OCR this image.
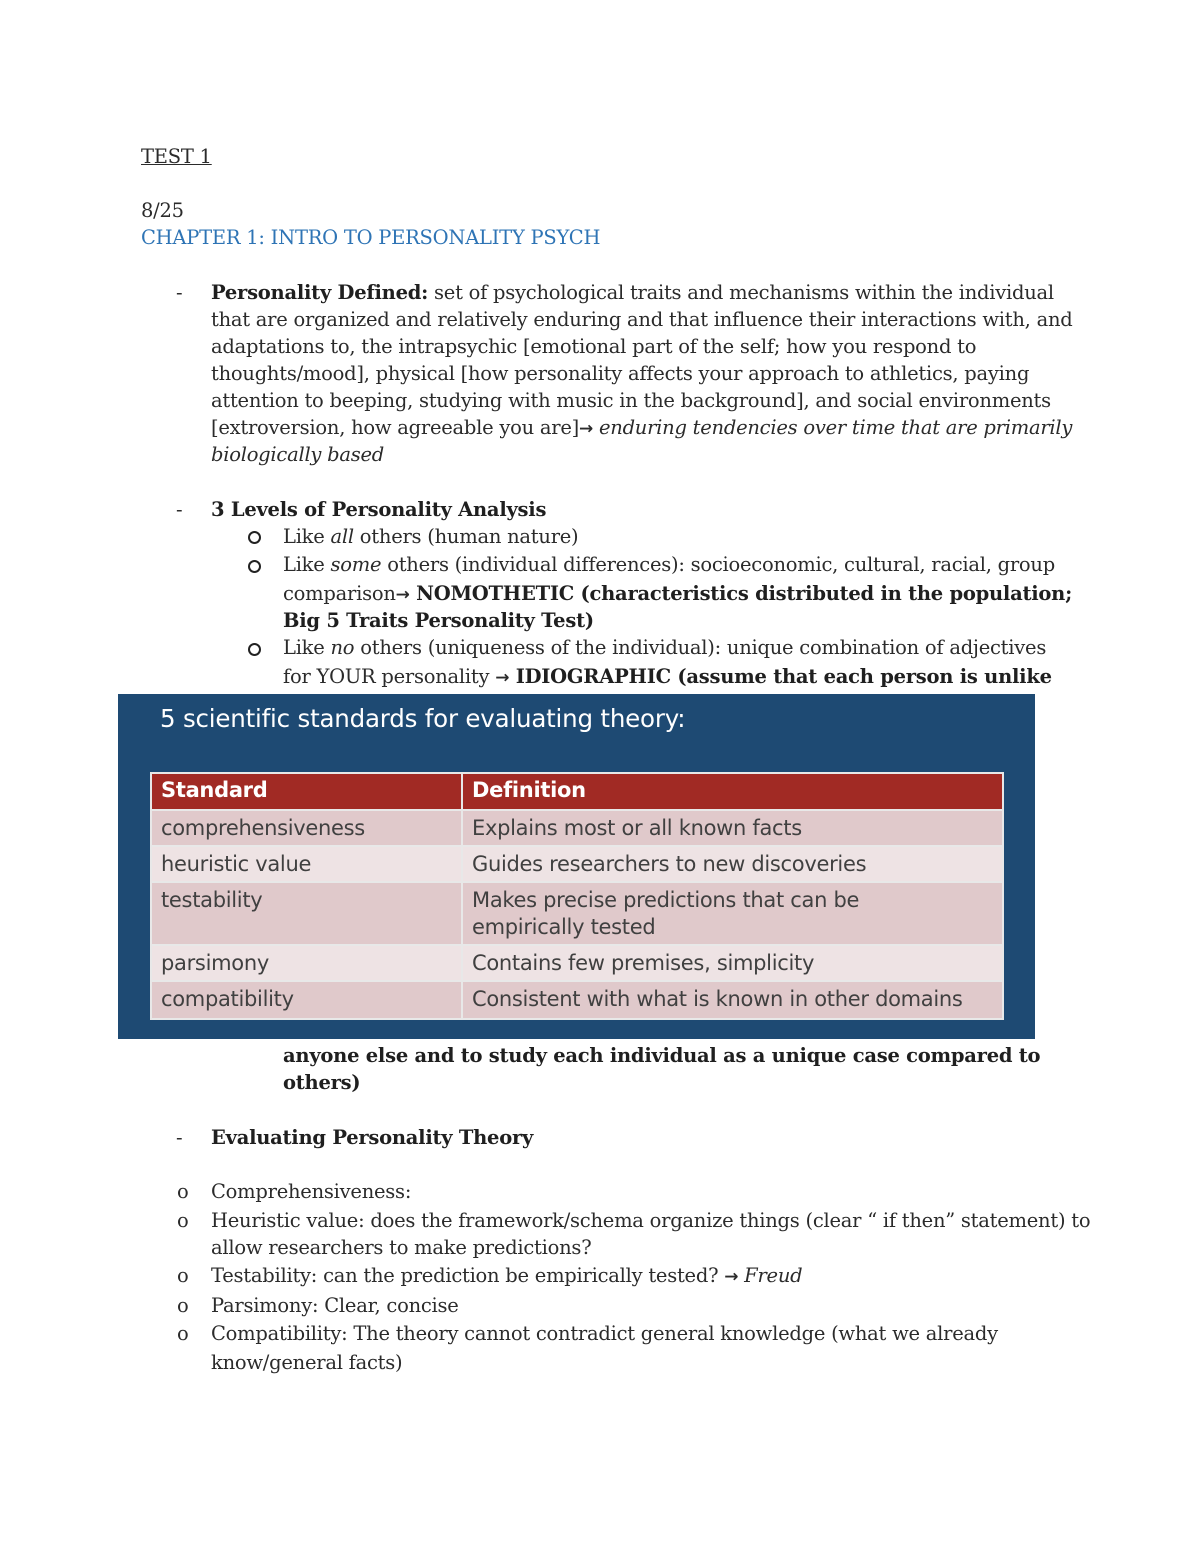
TEST 1
8/25
CHAPTER 1: INTRO TO PERSONALITY PSYCH
- Personality Defined: set of psychological traits and mechanisms within the individual
that are organized and relatively enduring and that influence their interactions with, and
adaptations to, the intrapsychic [emotional part of the self; how you respond to
thoughts/mood], physical [how personality affects your approach to athletics, paying
attention to beeping, studying with music in the background], and social environments
[extroversion, how agreeable you are]→ enduring tendencies over time that are primarily
biologically based
- 3 Levels of Personality Analysis
Like all others (human nature)
Like some others (individual differences): socioeconomic, cultural, racial, group
comparison→ NOMOTHETIC (characteristics distributed in the population;
Big 5 Traits Personality Test)
Like no others (uniqueness of the individual): unique combination of adjectives
for YOUR personality → IDIOGRAPHIC (assume that each person is unlike
5 scientific standards for evaluating theory:
Standard	Definition
comprehensiveness	Explains most or all known facts
heuristic value	Guides researchers to new discoveries
testability	Makes precise predictions that can be
empirically tested
parsimony	Contains few premises, simplicity
compatibility	Consistent with what is known in other domains
anyone else and to study each individual as a unique case compared to
others)
- Evaluating Personality Theory
o Comprehensiveness:
o Heuristic value: does the framework/schema organize things (clear “ if then” statement) to
allow researchers to make predictions?
o Testability: can the prediction be empirically tested? → Freud
o Parsimony: Clear, concise
o Compatibility: The theory cannot contradict general knowledge (what we already
know/general facts)
